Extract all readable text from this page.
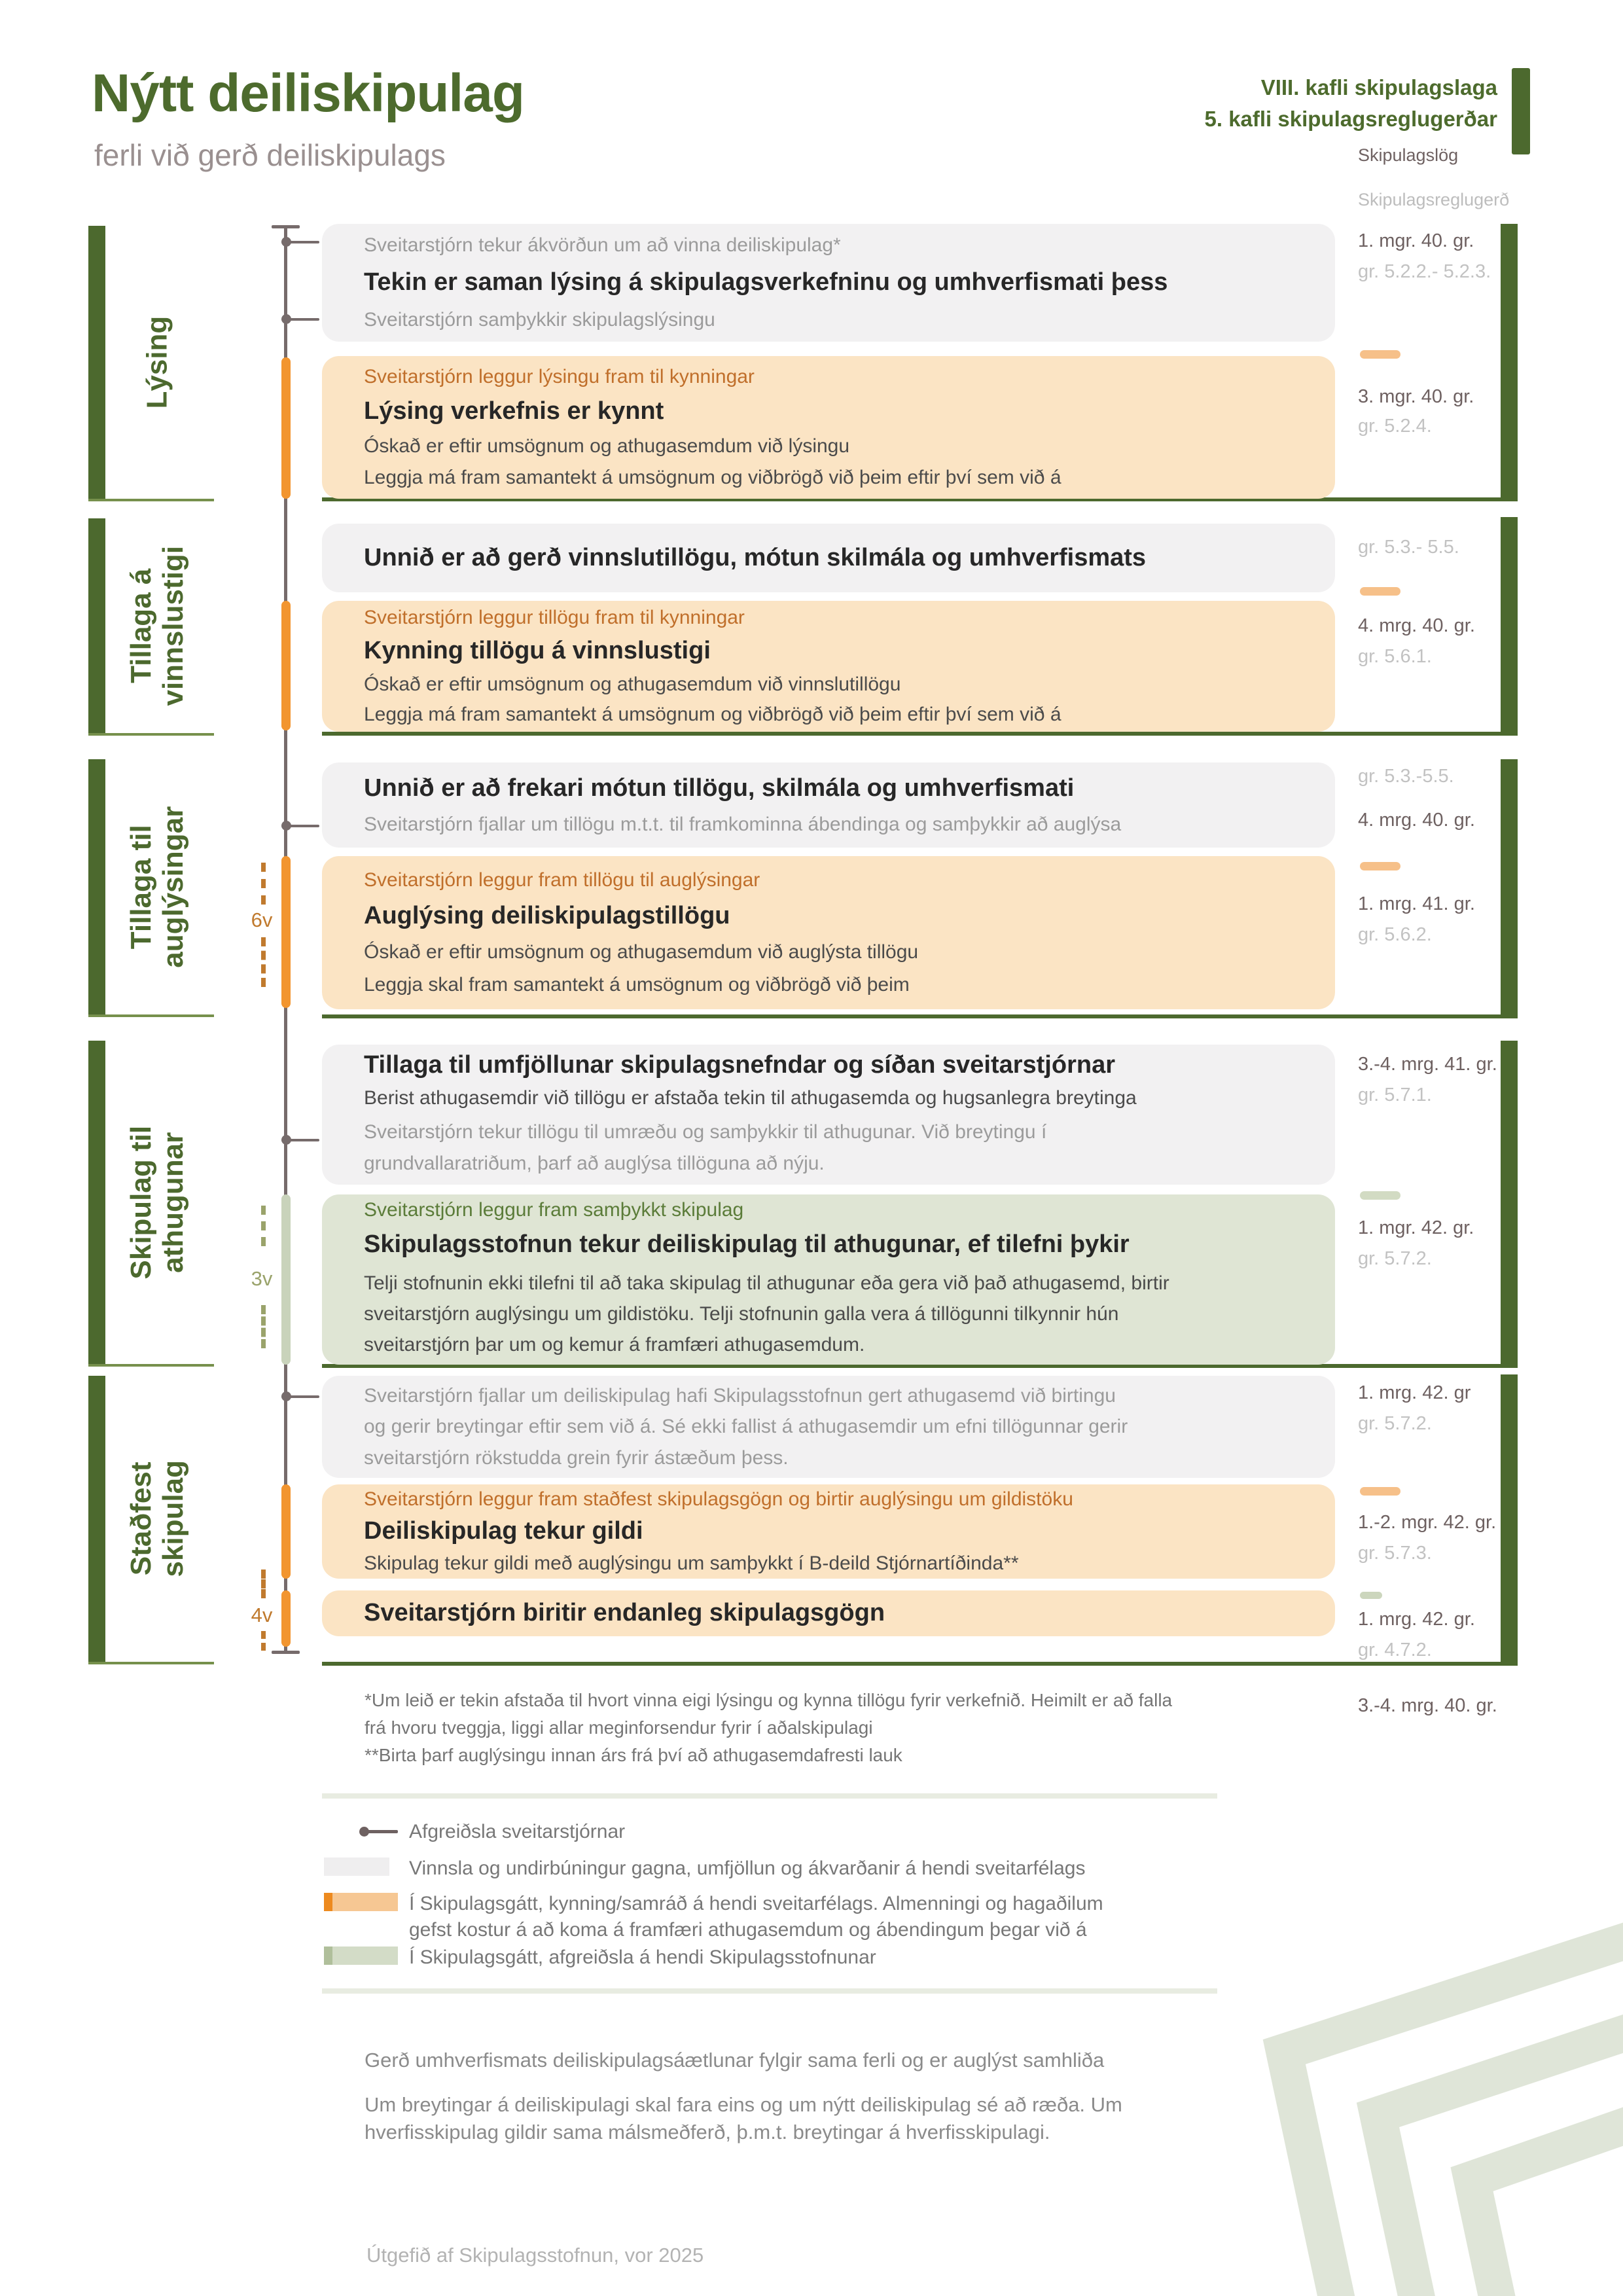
Nýtt deiliskipulag
ferli við gerð deiliskipulags
VIII. kafli skipulagslaga
5. kafli skipulagsreglugerðar
Skipulagslög
Skipulagsreglugerð
6v
3v
4v
Lýsing
Sveitarstjórn tekur ákvörðun um að vinna deiliskipulag*
Tekin er saman lýsing á skipulagsverkefninu og umhverfismati þess
Sveitarstjórn samþykkir skipulagslýsingu
Sveitarstjórn leggur lýsingu fram til kynningar
Lýsing verkefnis er kynnt
Óskað er eftir umsögnum og athugasemdum við lýsingu
Leggja má fram samantekt á umsögnum og viðbrögð við þeim eftir því sem við á
1. mgr. 40. gr.
gr. 5.2.2.- 5.2.3.
3. mgr. 40. gr.
gr. 5.2.4.
Tillaga á vinnslustigi	Unnið er að gerð vinnslutillögu, mótun skilmála og umhverfismats
Sveitarstjórn leggur tillögu fram til kynningar
Kynning tillögu á vinnslustigi
Óskað er eftir umsögnum og athugasemdum við vinnslutillögu
Leggja má fram samantekt á umsögnum og viðbrögð við þeim eftir því sem við á
gr. 5.3.- 5.5.
4. mrg. 40. gr.
gr. 5.6.1.
Tillaga til auglýsingar
Unnið er að frekari mótun tillögu, skilmála og umhverfismati
Sveitarstjórn fjallar um tillögu m.t.t. til framkominna ábendinga og samþykkir að auglýsa
Sveitarstjórn leggur fram tillögu til auglýsingar
Auglýsing deiliskipulagstillögu
Óskað er eftir umsögnum og athugasemdum við auglýsta tillögu
Leggja skal fram samantekt á umsögnum og viðbrögð við þeim
gr. 5.3.-5.5.
4. mrg. 40. gr.
1. mrg. 41. gr.
gr. 5.6.2.
Skipulag til athugunar
Tillaga til umfjöllunar skipulagsnefndar og síðan sveitarstjórnar
Berist athugasemdir við tillögu er afstaða tekin til athugasemda og hugsanlegra breytinga
Sveitarstjórn tekur tillögu til umræðu og samþykkir til athugunar. Við breytingu í
grundvallaratriðum, þarf að auglýsa tillöguna að nýju.
Sveitarstjórn leggur fram samþykkt skipulag
Skipulagsstofnun tekur deiliskipulag til athugunar, ef tilefni þykir
Telji stofnunin ekki tilefni til að taka skipulag til athugunar eða gera við það athugasemd, birtir
sveitarstjórn auglýsingu um gildistöku. Telji stofnunin galla vera á tillögunni tilkynnir hún
sveitarstjórn þar um og kemur á framfæri athugasemdum.
3.-4. mrg. 41. gr.
gr. 5.7.1.
1. mgr. 42. gr.
gr. 5.7.2.
Staðfest skipulag
Sveitarstjórn fjallar um deiliskipulag hafi Skipulagsstofnun gert athugasemd við birtingu
og gerir breytingar eftir sem við á. Sé ekki fallist á athugasemdir um efni tillögunnar gerir
sveitarstjórn rökstudda grein fyrir ástæðum þess.
Sveitarstjórn leggur fram staðfest skipulagsgögn og birtir auglýsingu um gildistöku
Deiliskipulag tekur gildi
Skipulag tekur gildi með auglýsingu um samþykkt í B-deild Stjórnartíðinda**
Sveitarstjórn biritir endanleg skipulagsgögn
1. mrg. 42. gr
gr. 5.7.2.
1.-2. mgr. 42. gr.
gr. 5.7.3.
1. mrg. 42. gr.
gr. 4.7.2.
*Um leið er tekin afstaða til hvort vinna eigi lýsingu og kynna tillögu fyrir verkefnið. Heimilt er að falla
frá hvoru tveggja, liggi allar meginforsendur fyrir í aðalskipulagi
**Birta þarf auglýsingu innan árs frá því að athugasemdafresti lauk
3.-4. mrg. 40. gr.
Afgreiðsla sveitarstjórnar
Vinnsla og undirbúningur gagna, umfjöllun og ákvarðanir á hendi sveitarfélags
Í Skipulagsgátt, kynning/samráð á hendi sveitarfélags. Almenningi og hagaðilum
gefst kostur á að koma á framfæri athugasemdum og ábendingum þegar við á
Í Skipulagsgátt, afgreiðsla á hendi Skipulagsstofnunar
Gerð umhverfismats deiliskipulagsáætlunar fylgir sama ferli og er auglýst samhliða
Um breytingar á deiliskipulagi skal fara eins og um nýtt deiliskipulag sé að ræða. Um
hverfisskipulag gildir sama málsmeðferð, þ.m.t. breytingar á hverfisskipulagi.
Útgefið af Skipulagsstofnun, vor 2025
